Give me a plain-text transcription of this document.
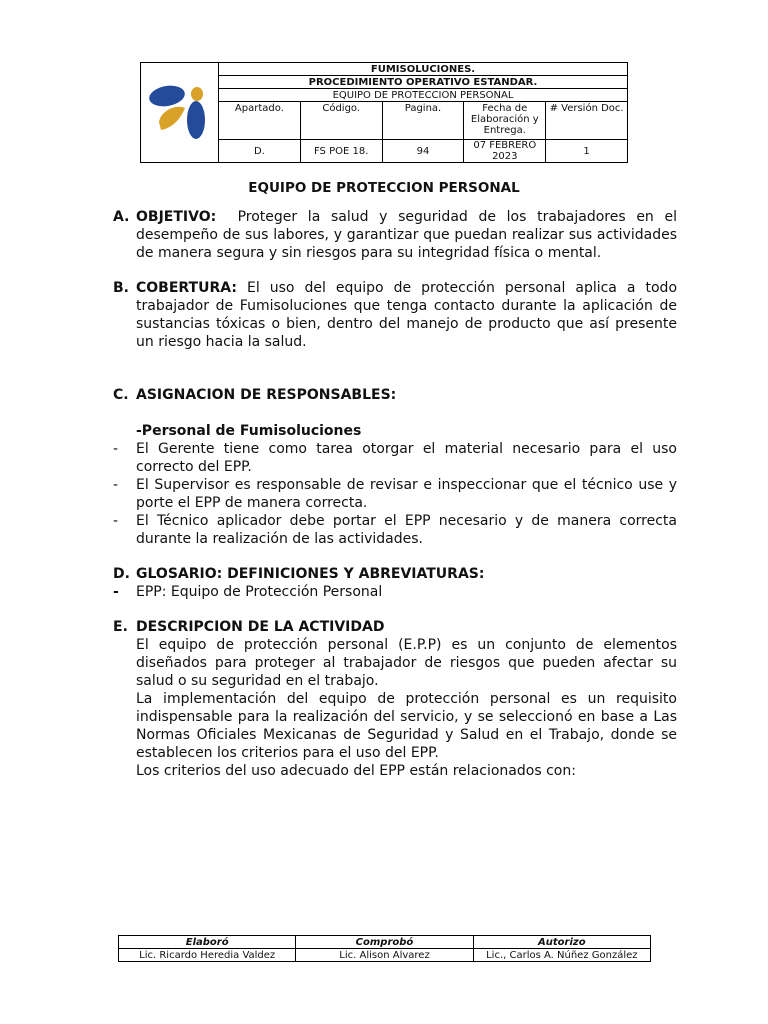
	FUMISOLUCIONES.				
	PROCEDIMIENTO OPERATIVO ESTANDAR.				
	EQUIPO DE PROTECCION PERSONAL				
	Apartado.	Código.	Pagina.	Fecha de Elaboración y Entrega.	# Versión Doc.
	D.	FS POE 18.	94	07 FEBRERO 2023	1
EQUIPO DE PROTECCION PERSONAL
A. OBJETIVO: Proteger la salud y seguridad de los trabajadores en el desempeño de sus labores, y garantizar que puedan realizar sus actividades de manera segura y sin riesgos para su integridad física o mental.

B. COBERTURA: El uso del equipo de protección personal aplica a todo trabajador de Fumisoluciones que tenga contacto durante la aplicación de sustancias tóxicas o bien, dentro del manejo de producto que así presente un riesgo hacia la salud.

C. ASIGNACION DE RESPONSABLES:

-Personal de Fumisoluciones

- El Gerente tiene como tarea otorgar el material necesario para el uso correcto del EPP.
- El Supervisor es responsable de revisar e inspeccionar que el técnico use y porte el EPP de manera correcta.
- El Técnico aplicador debe portar el EPP necesario y de manera correcta durante la realización de las actividades.
D. GLOSARIO: DEFINICIONES Y ABREVIATURAS:

- EPP: Equipo de Protección Personal
E. DESCRIPCION DE LA ACTIVIDAD

El equipo de protección personal (E.P.P) es un conjunto de elementos diseñados para proteger al trabajador de riesgos que pueden afectar su salud o su seguridad en el trabajo.

La implementación del equipo de protección personal es un requisito indispensable para la realización del servicio, y se seleccionó en base a Las Normas Oficiales Mexicanas de Seguridad y Salud en el Trabajo, donde se establecen los criterios para el uso del EPP.

Los criterios del uso adecuado del EPP están relacionados con:

Elaboró	Comprobó	Autorizo
Lic. Ricardo Heredia Valdez	Lic. Alison Alvarez	Lic., Carlos A. Núñez González
